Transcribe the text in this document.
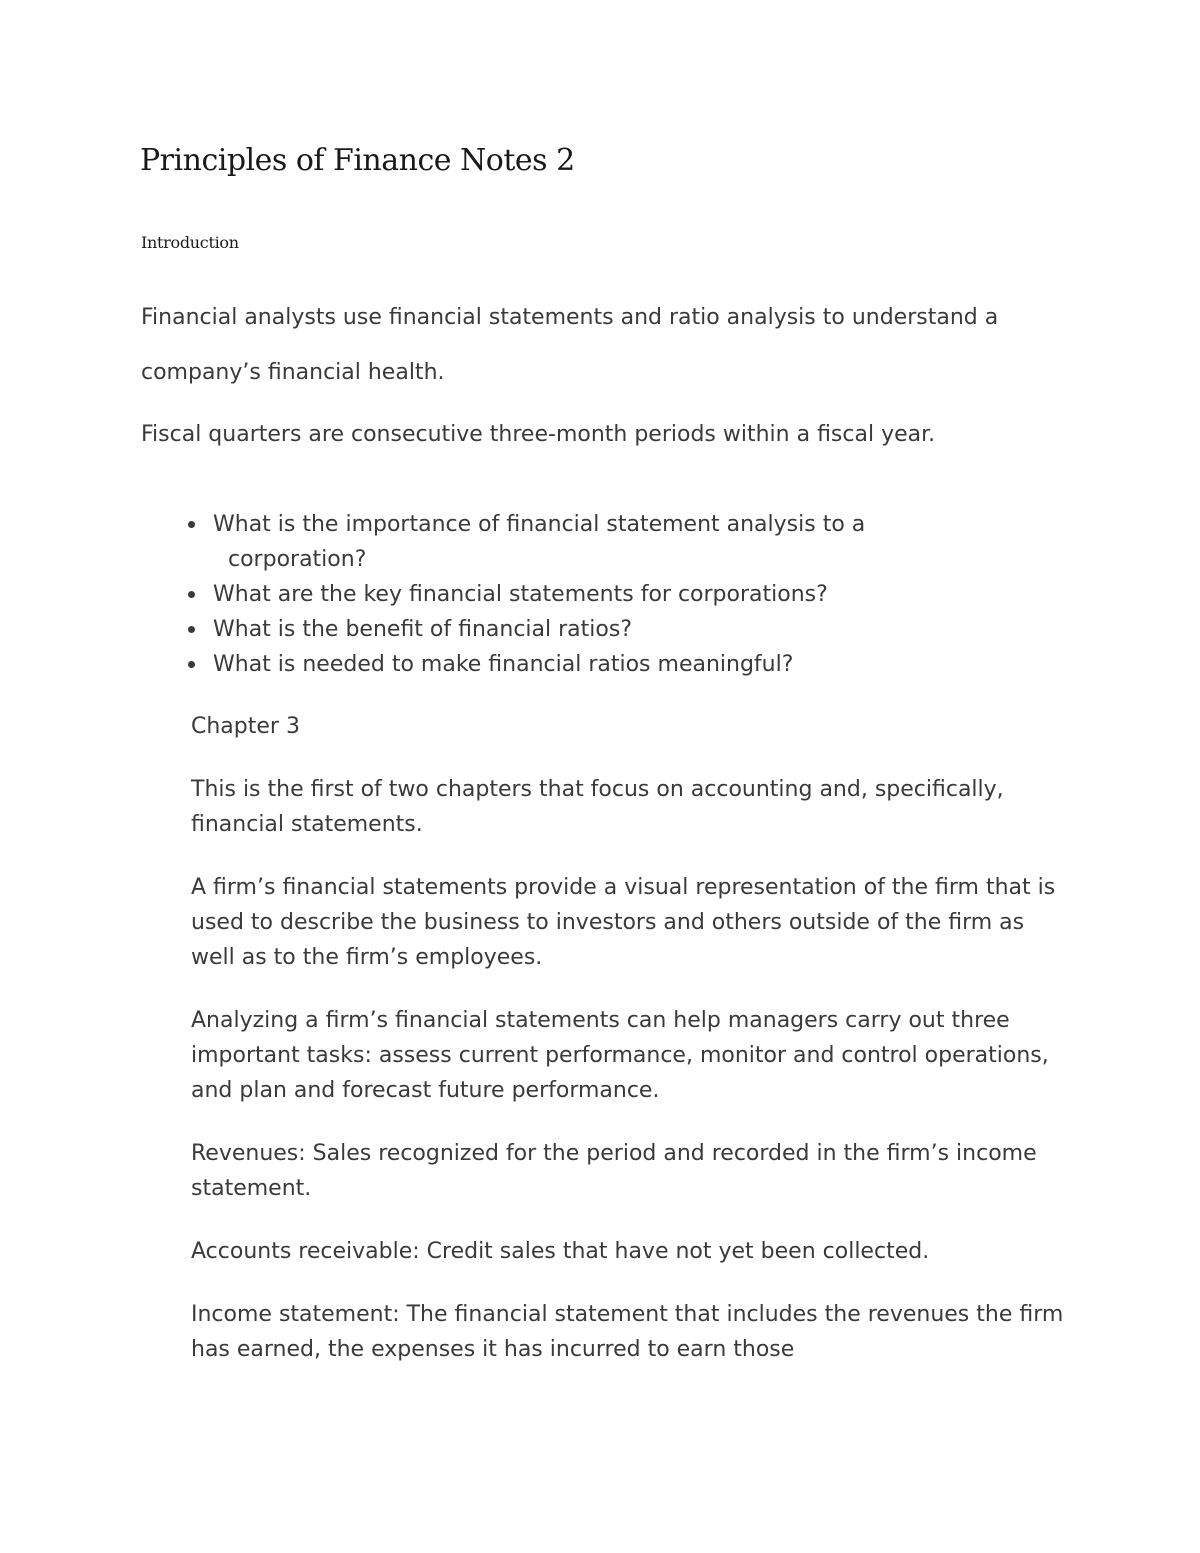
Principles of Finance Notes 2
Introduction

Financial analysts use financial statements and ratio analysis to understand a company’s financial health.

Fiscal quarters are consecutive three-month periods within a fiscal year.

What is the importance of financial statement analysis to a
corporation?
What are the key financial statements for corporations?
What is the benefit of financial ratios?
What is needed to make financial ratios meaningful?

Chapter 3

This is the first of two chapters that focus on accounting and, specifically, financial statements.

A firm’s financial statements provide a visual representation of the firm that is used to describe the business to investors and others outside of the firm as well as to the firm’s employees.

Analyzing a firm’s financial statements can help managers carry out three important tasks: assess current performance, monitor and control operations, and plan and forecast future performance.

Revenues: Sales recognized for the period and recorded in the firm’s income statement.

Accounts receivable: Credit sales that have not yet been collected.

Income statement: The financial statement that includes the revenues the firm has earned, the expenses it has incurred to earn those
